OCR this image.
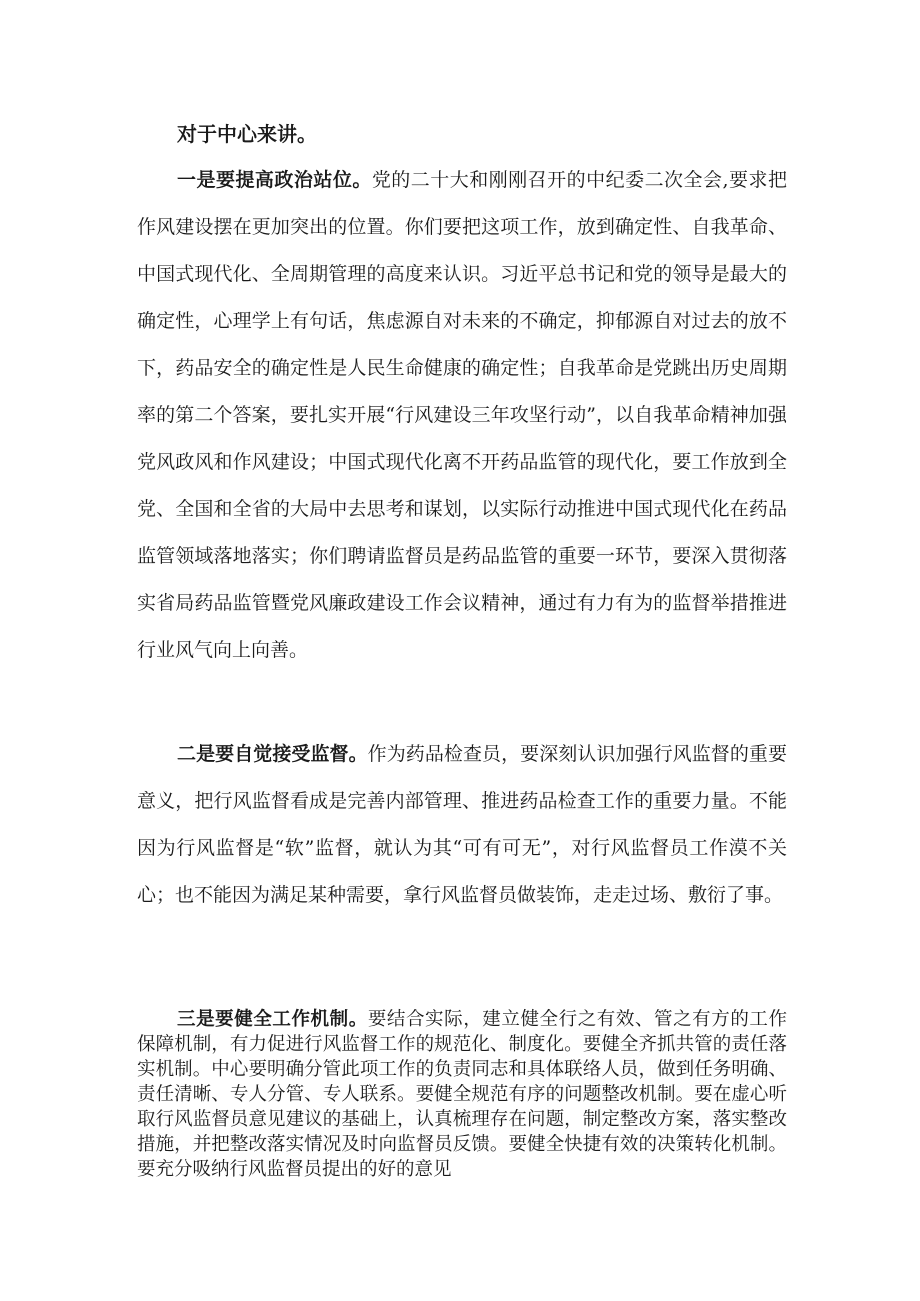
对于中心来讲。

一是要提高政治站位。党的二十大和刚刚召开的中纪委二次全会,要求把作风建设摆在更加突出的位置。你们要把这项工作，放到确定性、自我革命、中国式现代化、全周期管理的高度来认识。习近平总书记和党的领导是最大的确定性，心理学上有句话，焦虑源自对未来的不确定，抑郁源自对过去的放不下，药品安全的确定性是人民生命健康的确定性；自我革命是党跳出历史周期率的第二个答案，要扎实开展“行风建设三年攻坚行动”，以自我革命精神加强党风政风和作风建设；中国式现代化离不开药品监管的现代化，要工作放到全党、全国和全省的大局中去思考和谋划，以实际行动推进中国式现代化在药品监管领域落地落实；你们聘请监督员是药品监管的重要一环节，要深入贯彻落实省局药品监管暨党风廉政建设工作会议精神，通过有力有为的监督举措推进行业风气向上向善。

二是要自觉接受监督。作为药品检查员，要深刻认识加强行风监督的重要意义，把行风监督看成是完善内部管理、推进药品检查工作的重要力量。不能因为行风监督是“软”监督，就认为其“可有可无”，对行风监督员工作漠不关心；也不能因为满足某种需要，拿行风监督员做装饰，走走过场、敷衍了事。

三是要健全工作机制。要结合实际，建立健全行之有效、管之有方的工作保障机制，有力促进行风监督工作的规范化、制度化。要健全齐抓共管的责任落实机制。中心要明确分管此项工作的负责同志和具体联络人员，做到任务明确、责任清晰、专人分管、专人联系。要健全规范有序的问题整改机制。要在虚心听取行风监督员意见建议的基础上，认真梳理存在问题，制定整改方案，落实整改措施，并把整改落实情况及时向监督员反馈。要健全快捷有效的决策转化机制。要充分吸纳行风监督员提出的好的意见
